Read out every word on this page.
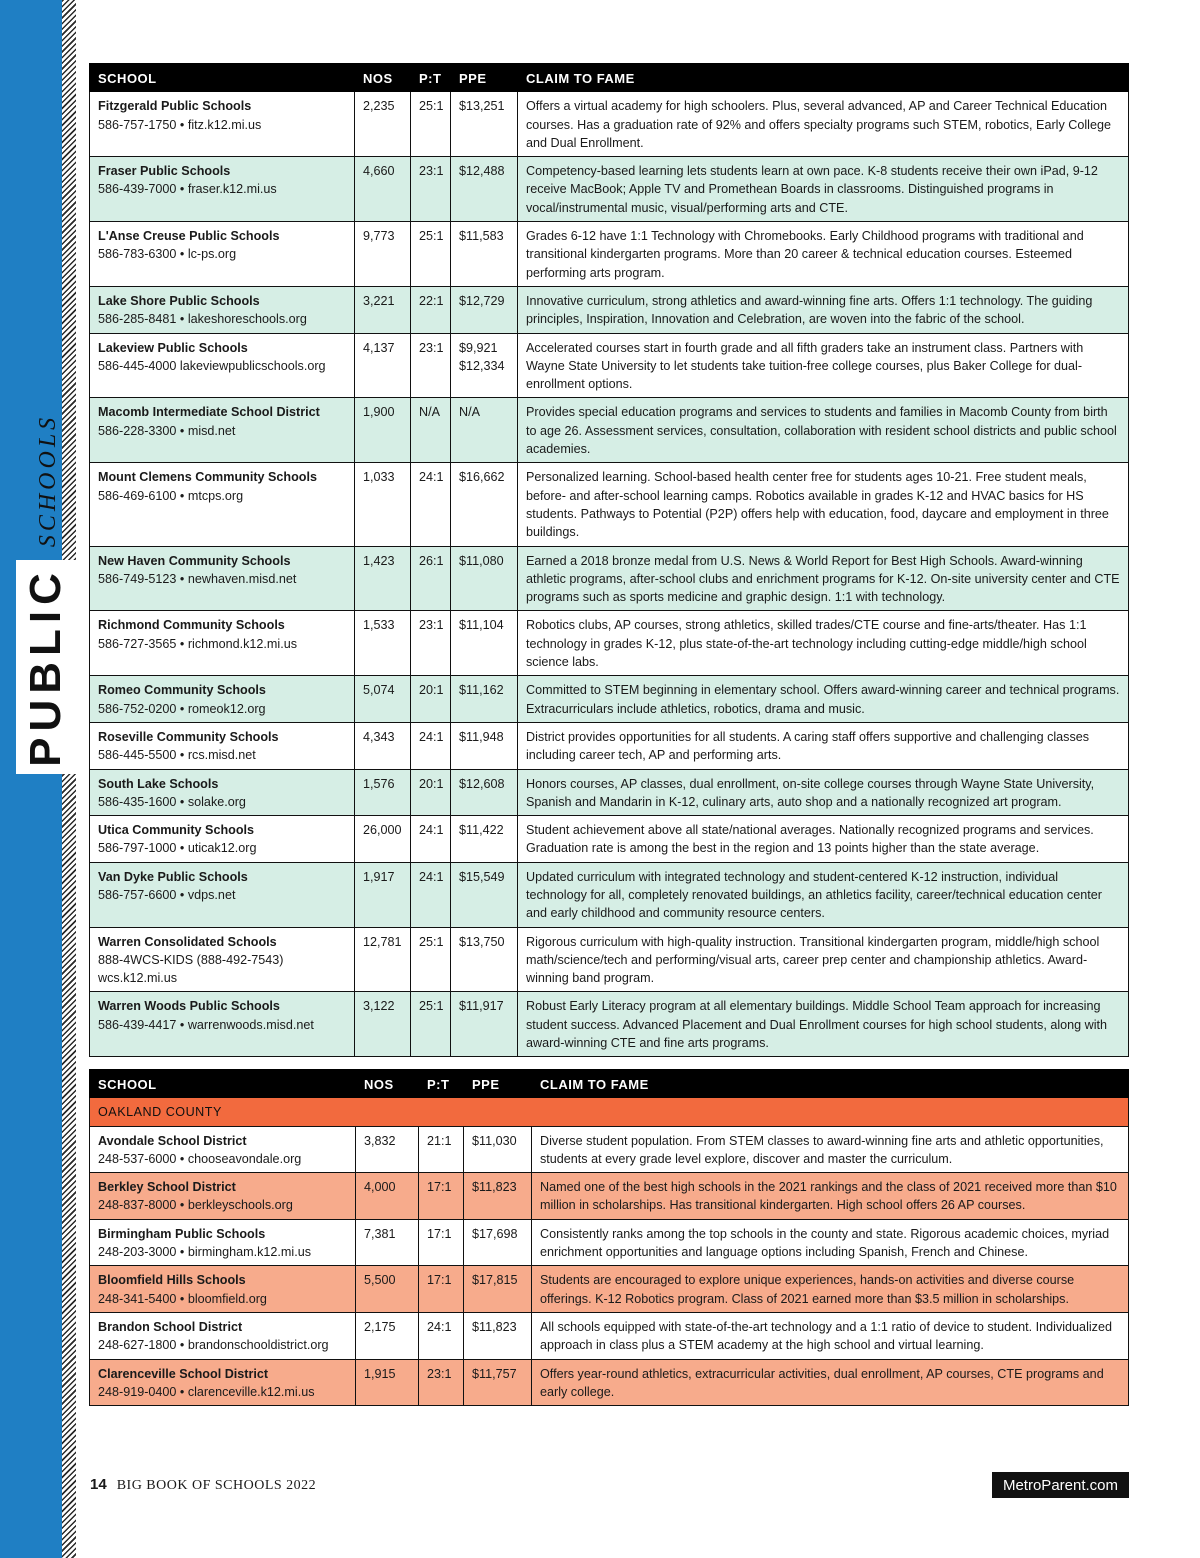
SCHOOLS
PUBLIC
SCHOOL	NOS	P:T	PPE	CLAIM TO FAME

Fitzgerald Public Schools
586-757-1750 • fitz.k12.mi.us	2,235	25:1	$13,251	Offers a virtual academy for high schoolers. Plus, several advanced, AP and Career Technical Education courses. Has a graduation rate of 92% and offers specialty programs such STEM, robotics, Early College and Dual Enrollment.

Fraser Public Schools
586-439-7000 • fraser.k12.mi.us	4,660	23:1	$12,488	Competency-based learning lets students learn at own pace. K-8 students receive their own iPad, 9-12 receive MacBook; Apple TV and Promethean Boards in classrooms. Distinguished programs in vocal/instrumental music, visual/performing arts and CTE.

L'Anse Creuse Public Schools
586-783-6300 • lc-ps.org	9,773	25:1	$11,583	Grades 6-12 have 1:1 Technology with Chromebooks. Early Childhood programs with traditional and transitional kindergarten programs. More than 20 career & technical education courses. Esteemed performing arts program.

Lake Shore Public Schools
586-285-8481 • lakeshoreschools.org	3,221	22:1	$12,729	Innovative curriculum, strong athletics and award-winning fine arts. Offers 1:1 technology. The guiding principles, Inspiration, Innovation and Celebration, are woven into the fabric of the school.

Lakeview Public Schools
586-445-4000 lakeviewpublicschools.org	4,137	23:1	$9,921 $12,334	Accelerated courses start in fourth grade and all fifth graders take an instrument class. Partners with Wayne State University to let students take tuition-free college courses, plus Baker College for dual-enrollment options.

Macomb Intermediate School District
586-228-3300 • misd.net	1,900	N/A	N/A	Provides special education programs and services to students and families in Macomb County from birth to age 26. Assessment services, consultation, collaboration with resident school districts and public school academies.

Mount Clemens Community Schools
586-469-6100 • mtcps.org	1,033	24:1	$16,662	Personalized learning. School-based health center free for students ages 10-21. Free student meals, before- and after-school learning camps. Robotics available in grades K-12 and HVAC basics for HS students. Pathways to Potential (P2P) offers help with education, food, daycare and employment in three buildings.

New Haven Community Schools
586-749-5123 • newhaven.misd.net	1,423	26:1	$11,080	Earned a 2018 bronze medal from U.S. News & World Report for Best High Schools. Award-winning athletic programs, after-school clubs and enrichment programs for K-12. On-site university center and CTE programs such as sports medicine and graphic design. 1:1 with technology.

Richmond Community Schools
586-727-3565 • richmond.k12.mi.us	1,533	23:1	$11,104	Robotics clubs, AP courses, strong athletics, skilled trades/CTE course and fine-arts/theater. Has 1:1 technology in grades K-12, plus state-of-the-art technology including cutting-edge middle/high school science labs.

Romeo Community Schools
586-752-0200 • romeok12.org	5,074	20:1	$11,162	Committed to STEM beginning in elementary school. Offers award-winning career and technical programs. Extracurriculars include athletics, robotics, drama and music.

Roseville Community Schools
586-445-5500 • rcs.misd.net	4,343	24:1	$11,948	District provides opportunities for all students. A caring staff offers supportive and challenging classes including career tech, AP and performing arts.

South Lake Schools
586-435-1600 • solake.org	1,576	20:1	$12,608	Honors courses, AP classes, dual enrollment, on-site college courses through Wayne State University, Spanish and Mandarin in K-12, culinary arts, auto shop and a nationally recognized art program.

Utica Community Schools
586-797-1000 • uticak12.org	26,000	24:1	$11,422	Student achievement above all state/national averages. Nationally recognized programs and services. Graduation rate is among the best in the region and 13 points higher than the state average.

Van Dyke Public Schools
586-757-6600 • vdps.net	1,917	24:1	$15,549	Updated curriculum with integrated technology and student-centered K-12 instruction, individual technology for all, completely renovated buildings, an athletics facility, career/technical education center and early childhood and community resource centers.

Warren Consolidated Schools
888-4WCS-KIDS (888-492-7543) wcs.k12.mi.us	12,781	25:1	$13,750	Rigorous curriculum with high-quality instruction. Transitional kindergarten program, middle/high school math/science/tech and performing/visual arts, career prep center and championship athletics. Award-winning band program.

Warren Woods Public Schools
586-439-4417 • warrenwoods.misd.net	3,122	25:1	$11,917	Robust Early Literacy program at all elementary buildings. Middle School Team approach for increasing student success. Advanced Placement and Dual Enrollment courses for high school students, along with award-winning CTE and fine arts programs.
SCHOOL	NOS	P:T	PPE	CLAIM TO FAME
OAKLAND COUNTY				

Avondale School District
248-537-6000 • chooseavondale.org	3,832	21:1	$11,030	Diverse student population. From STEM classes to award-winning fine arts and athletic opportunities, students at every grade level explore, discover and master the curriculum.

Berkley School District
248-837-8000 • berkleyschools.org	4,000	17:1	$11,823	Named one of the best high schools in the 2021 rankings and the class of 2021 received more than $10 million in scholarships. Has transitional kindergarten. High school offers 26 AP courses.

Birmingham Public Schools
248-203-3000 • birmingham.k12.mi.us	7,381	17:1	$17,698	Consistently ranks among the top schools in the county and state. Rigorous academic choices, myriad enrichment opportunities and language options including Spanish, French and Chinese.

Bloomfield Hills Schools
248-341-5400 • bloomfield.org	5,500	17:1	$17,815	Students are encouraged to explore unique experiences, hands-on activities and diverse course offerings. K-12 Robotics program. Class of 2021 earned more than $3.5 million in scholarships.

Brandon School District
248-627-1800 • brandonschooldistrict.org	2,175	24:1	$11,823	All schools equipped with state-of-the-art technology and a 1:1 ratio of device to student. Individualized approach in class plus a STEM academy at the high school and virtual learning.

Clarenceville School District
248-919-0400 • clarenceville.k12.mi.us	1,915	23:1	$11,757	Offers year-round athletics, extracurricular activities, dual enrollment, AP courses, CTE programs and early college.
14 BIG BOOK OF SCHOOLS 2022	MetroParent.com
